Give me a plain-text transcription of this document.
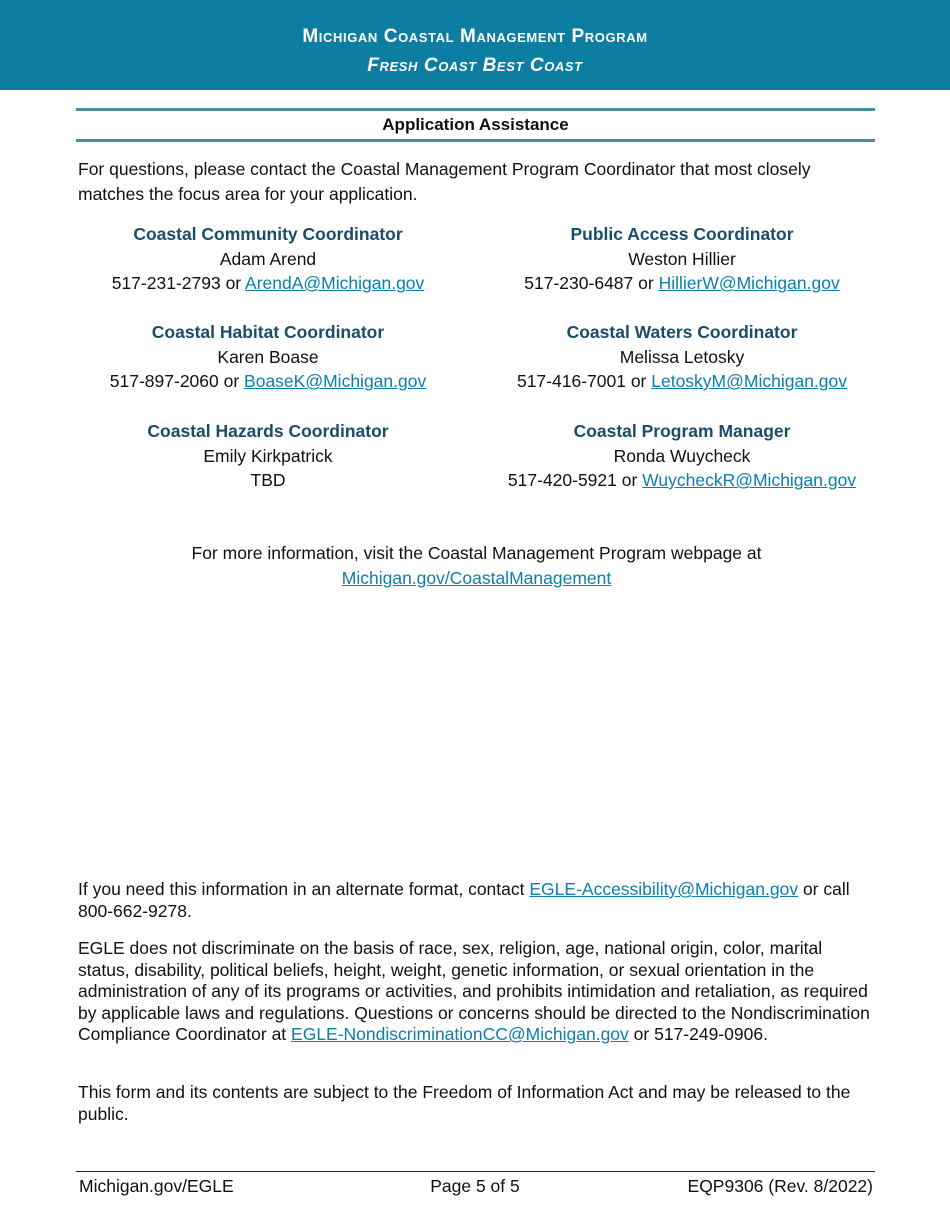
Michigan Coastal Management Program
Fresh Coast Best Coast
Application Assistance
For questions, please contact the Coastal Management Program Coordinator that most closely matches the focus area for your application.
Coastal Community Coordinator
Adam Arend
517-231-2793 or ArendA@Michigan.gov
Public Access Coordinator
Weston Hillier
517-230-6487 or HillierW@Michigan.gov
Coastal Habitat Coordinator
Karen Boase
517-897-2060 or BoaseK@Michigan.gov
Coastal Waters Coordinator
Melissa Letosky
517-416-7001 or LetoskyM@Michigan.gov
Coastal Hazards Coordinator
Emily Kirkpatrick
TBD
Coastal Program Manager
Ronda Wuycheck
517-420-5921 or WuycheckR@Michigan.gov
For more information, visit the Coastal Management Program webpage at
Michigan.gov/CoastalManagement
If you need this information in an alternate format, contact EGLE-Accessibility@Michigan.gov or call 800-662-9278.
EGLE does not discriminate on the basis of race, sex, religion, age, national origin, color, marital status, disability, political beliefs, height, weight, genetic information, or sexual orientation in the administration of any of its programs or activities, and prohibits intimidation and retaliation, as required by applicable laws and regulations. Questions or concerns should be directed to the Nondiscrimination Compliance Coordinator at EGLE-NondiscriminationCC@Michigan.gov or 517-249-0906.
This form and its contents are subject to the Freedom of Information Act and may be released to the public.
Michigan.gov/EGLE	Page 5 of 5	EQP9306 (Rev. 8/2022)
